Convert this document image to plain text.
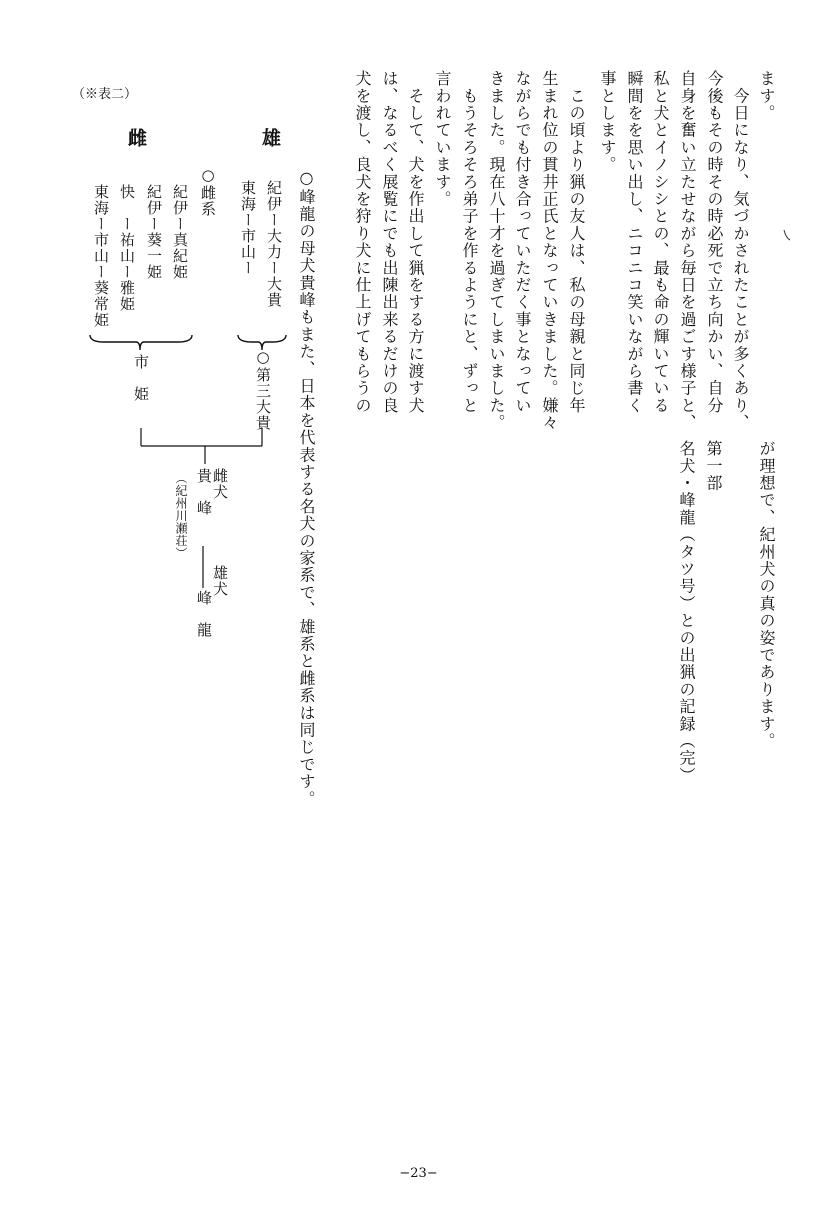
ます。
　今日になり、気づかされたことが多くあり、
今後もその時その時必死で立ち向かい、自分
自身を奮い立たせながら毎日を過ごす様子と、
私と犬とイノシシとの、最も命の輝いている
瞬間をを思い出し、ニコニコ笑いながら書く
事とします。
　この頃より猟の友人は、私の母親と同じ年
生まれ位の貫井正氏となっていきました。嫌々
ながらでも付き合っていただく事となってい
きました。現在八十才を過ぎてしまいました。
　もうそろそろ弟子を作るようにと、ずっと
言われています。
　そして、犬を作出して猟をする方に渡す犬
は、なるべく展覧にでも出陳出来るだけの良
犬を渡し、良犬を狩り犬に仕上げてもらうの
が理想で、紀州犬の真の姿であります。
第一部
名犬・峰龍（タツ号）との出猟の記録（完）
（※表二）
○峰龍の母犬貴峰もまた、日本を代表する名犬の家系で、雄系と雌系は同じです。
雄
雌
紀伊ー大力ー大貴
東海ー市山ー
○雌系
紀伊ー真紀姫
紀伊ー葵一姫
快　ー祐山ー雅姫
東海ー市山ー葵常姫
○第三大貴
市　姫
雌犬
貴　峰
（紀州川瀬荘）
雄犬
峰　龍
−23−
